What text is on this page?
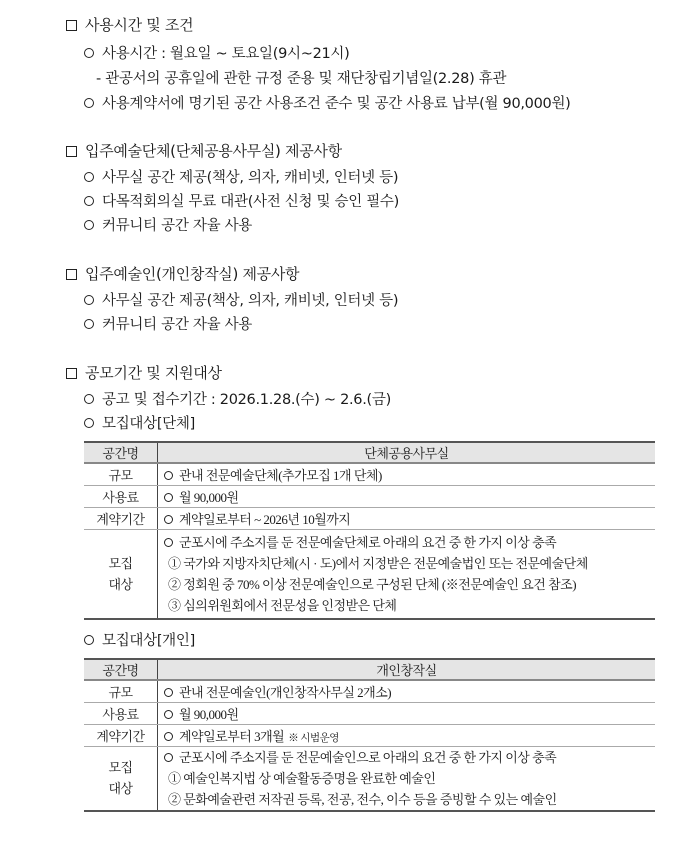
사용시간 및 조건
사용시간 : 월요일 ~ 토요일(9시~21시)
- 관공서의 공휴일에 관한 규정 준용 및 재단창립기념일(2.28) 휴관
사용계약서에 명기된 공간 사용조건 준수 및 공간 사용료 납부(월 90,000원)
입주예술단체(단체공용사무실) 제공사항
사무실 공간 제공(책상, 의자, 캐비넷, 인터넷 등)
다목적회의실 무료 대관(사전 신청 및 승인 필수)
커뮤니티 공간 자율 사용
입주예술인(개인창작실) 제공사항
사무실 공간 제공(책상, 의자, 캐비넷, 인터넷 등)
커뮤니티 공간 자율 사용
공모기간 및 지원대상
공고 및 접수기간 : 2026.1.28.(수) ~ 2.6.(금)
모집대상[단체]
공간명	단체공용사무실
규모	관내 전문예술단체(추가모집 1개 단체)
사용료	월 90,000원
계약기간	계약일로부터 ~ 2026년 10월까지

모집
대상	군포시에 주소지를 둔 전문예술단체로 아래의 요건 중 한 가지 이상 충족
① 국가와 지방자치단체(시 · 도)에서 지정받은 전문예술법인 또는 전문예술단체
② 정회원 중 70% 이상 전문예술인으로 구성된 단체 (※전문예술인 요건 참조)
③ 심의위원회에서 전문성을 인정받은 단체
모집대상[개인]
공간명	개인창작실
규모	관내 전문예술인(개인창작사무실 2개소)
사용료	월 90,000원
계약기간	계약일로부터 3개월 ※ 시범운영

모집
대상	군포시에 주소지를 둔 전문예술인으로 아래의 요건 중 한 가지 이상 충족
① 예술인복지법 상 예술활동증명을 완료한 예술인
② 문화예술관련 저작권 등록, 전공, 전수, 이수 등을 증빙할 수 있는 예술인
